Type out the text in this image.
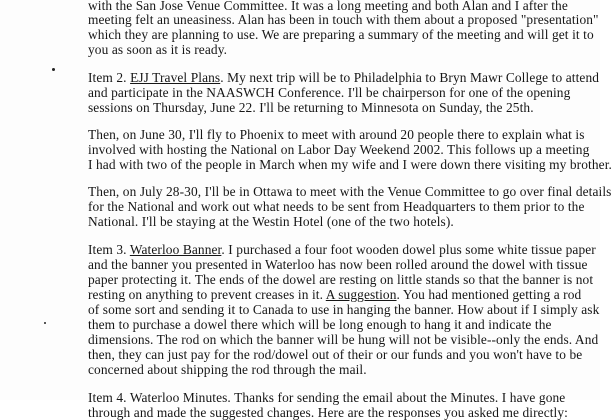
with the San Jose Venue Committee. It was a long meeting and both Alan and I after the
meeting felt an uneasiness. Alan has been in touch with them about a proposed "presentation"
which they are planning to use. We are preparing a summary of the meeting and will get it to
you as soon as it is ready.
Item 2. EJJ Travel Plans. My next trip will be to Philadelphia to Bryn Mawr College to attend
and participate in the NAASWCH Conference. I'll be chairperson for one of the opening
sessions on Thursday, June 22. I'll be returning to Minnesota on Sunday, the 25th.
Then, on June 30, I'll fly to Phoenix to meet with around 20 people there to explain what is
involved with hosting the National on Labor Day Weekend 2002. This follows up a meeting
I had with two of the people in March when my wife and I were down there visiting my brother.
Then, on July 28-30, I'll be in Ottawa to meet with the Venue Committee to go over final details
for the National and work out what needs to be sent from Headquarters to them prior to the
National. I'll be staying at the Westin Hotel (one of the two hotels).
Item 3. Waterloo Banner. I purchased a four foot wooden dowel plus some white tissue paper
and the banner you presented in Waterloo has now been rolled around the dowel with tissue
paper protecting it. The ends of the dowel are resting on little stands so that the banner is not
resting on anything to prevent creases in it. A suggestion. You had mentioned getting a rod
of some sort and sending it to Canada to use in hanging the banner. How about if I simply ask
them to purchase a dowel there which will be long enough to hang it and indicate the
dimensions. The rod on which the banner will be hung will not be visible--only the ends. And
then, they can just pay for the rod/dowel out of their or our funds and you won't have to be
concerned about shipping the rod through the mail.
Item 4. Waterloo Minutes. Thanks for sending the email about the Minutes. I have gone
through and made the suggested changes. Here are the responses you asked me directly:
